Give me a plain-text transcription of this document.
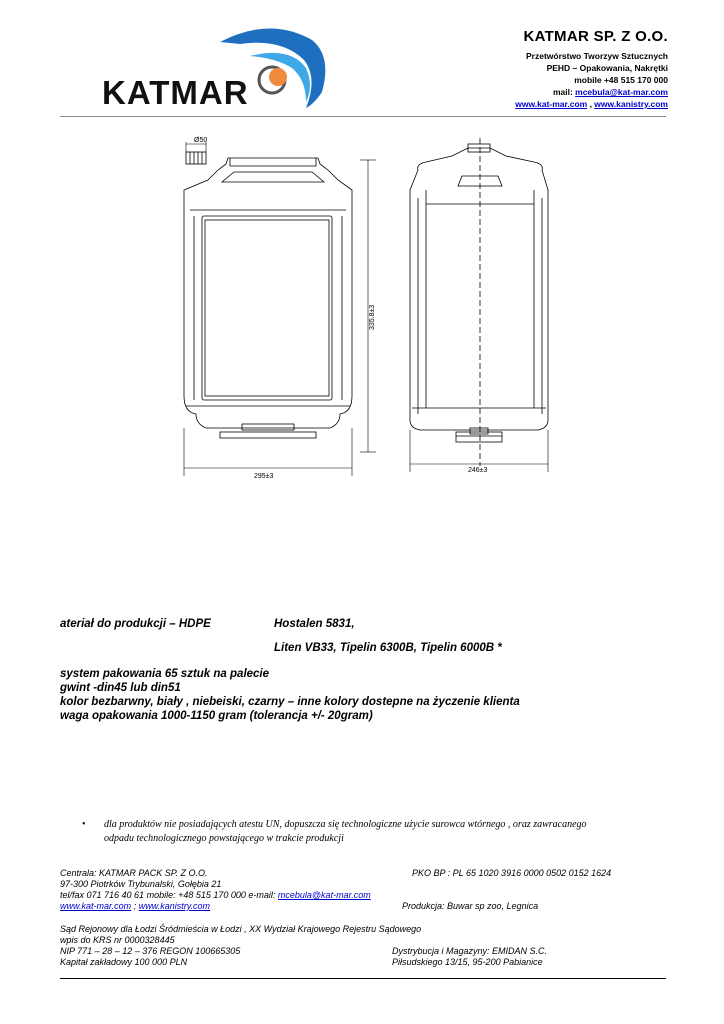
KATMAR
KATMAR SP. Z O.O.
Przetwórstwo Tworzyw Sztucznych
PEHD – Opakowania, Nakrętki
mobile +48 515 170 000
mail: mcebula@kat-mar.com
www.kat-mar.com , www.kanistry.com
Ø50
335.8±3
295±3
246±3
ateriał do produkcji – HDPE	Hostalen 5831,
Liten VB33, Tipelin 6300B, Tipelin 6000B *
system pakowania 65 sztuk na palecie
gwint -din45 lub din51
kolor bezbarwny, biały , niebeiski, czarny – inne kolory dostepne na życzenie klienta
waga opakowania 1000-1150 gram (tolerancja +/- 20gram)
• dla produktów nie posiadających atestu UN, dopuszcza się technologiczne użycie surowca wtórnego , oraz zawracanego
odpadu technologicznego powstającego w trakcie produkcji
Centrala: KATMAR PACK SP. Z O.O.
97-300 Piotrków Trybunalski, Gołębia 21
tel/fax 071 716 40 61 mobile: +48 515 170 000 e-mail: mcebula@kat-mar.com
www.kat-mar.com ; www.kanistry.com
PKO BP : PL 65 1020 3916 0000 0502 0152 1624
Produkcja: Buwar sp zoo, Legnica
Sąd Rejonowy dla Łodzi Śródmieścia w Łodzi , XX Wydział Krajowego Rejestru Sądowego
wpis do KRS nr 0000328445
NIP 771 – 28 – 12 – 376 REGON 100665305
Kapitał zakładowy 100 000 PLN
Dystrybucja i Magazyny: EMIDAN S.C.
Piłsudskiego 13/15, 95-200 Pabianice
